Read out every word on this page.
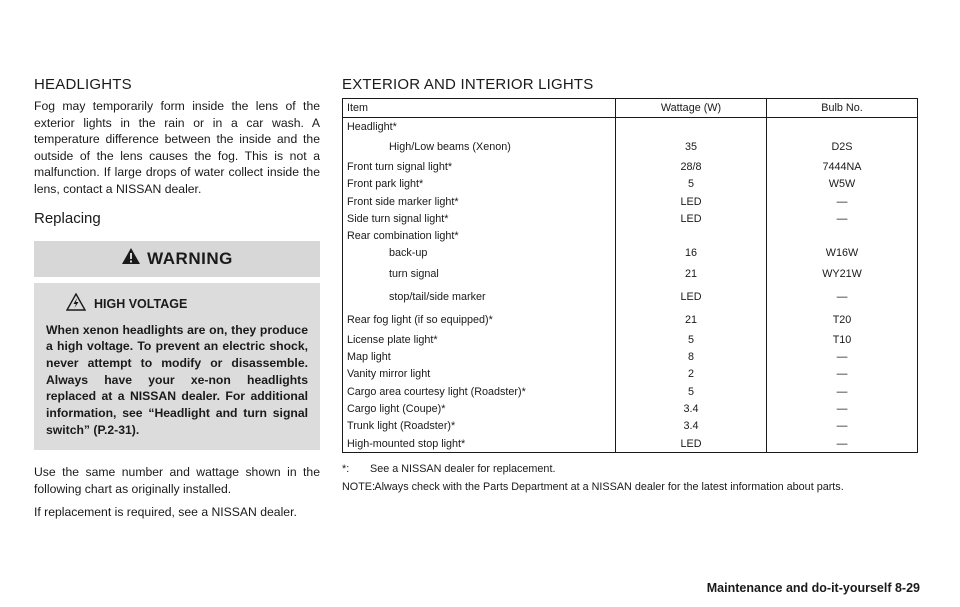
HEADLIGHTS

Fog may temporarily form inside the lens of the exterior lights in the rain or in a car wash. A temperature difference between the inside and the outside of the lens causes the fog. This is not a malfunction. If large drops of water collect inside the lens, contact a NISSAN dealer.

Replacing
WARNING
HIGH VOLTAGE

When xenon headlights are on, they produce a high voltage. To prevent an electric shock, never attempt to modify or disassemble. Always have your xe-non headlights replaced at a NISSAN dealer. For additional information, see “Headlight and turn signal switch” (P.2-31).

Use the same number and wattage shown in the following chart as originally installed.

If replacement is required, see a NISSAN dealer.

EXTERIOR AND INTERIOR LIGHTS
Item	Wattage (W)	Bulb No.
Headlight*		
High/Low beams (Xenon)	35	D2S
Front turn signal light*	28/8	7444NA
Front park light*	5	W5W
Front side marker light*	LED	—
Side turn signal light*	LED	—
Rear combination light*		
back-up	16	W16W
turn signal	21	WY21W
stop/tail/side marker	LED	—
Rear fog light (if so equipped)*	21	T20
License plate light*	5	T10
Map light	8	—
Vanity mirror light	2	—
Cargo area courtesy light (Roadster)*	5	—
Cargo light (Coupe)*	3.4	—
Trunk light (Roadster)*	3.4	—
High-mounted stop light*	LED	—
*: See a NISSAN dealer for replacement.
NOTE: Always check with the Parts Department at a NISSAN dealer for the latest information about parts.
Maintenance and do-it-yourself 8-29
